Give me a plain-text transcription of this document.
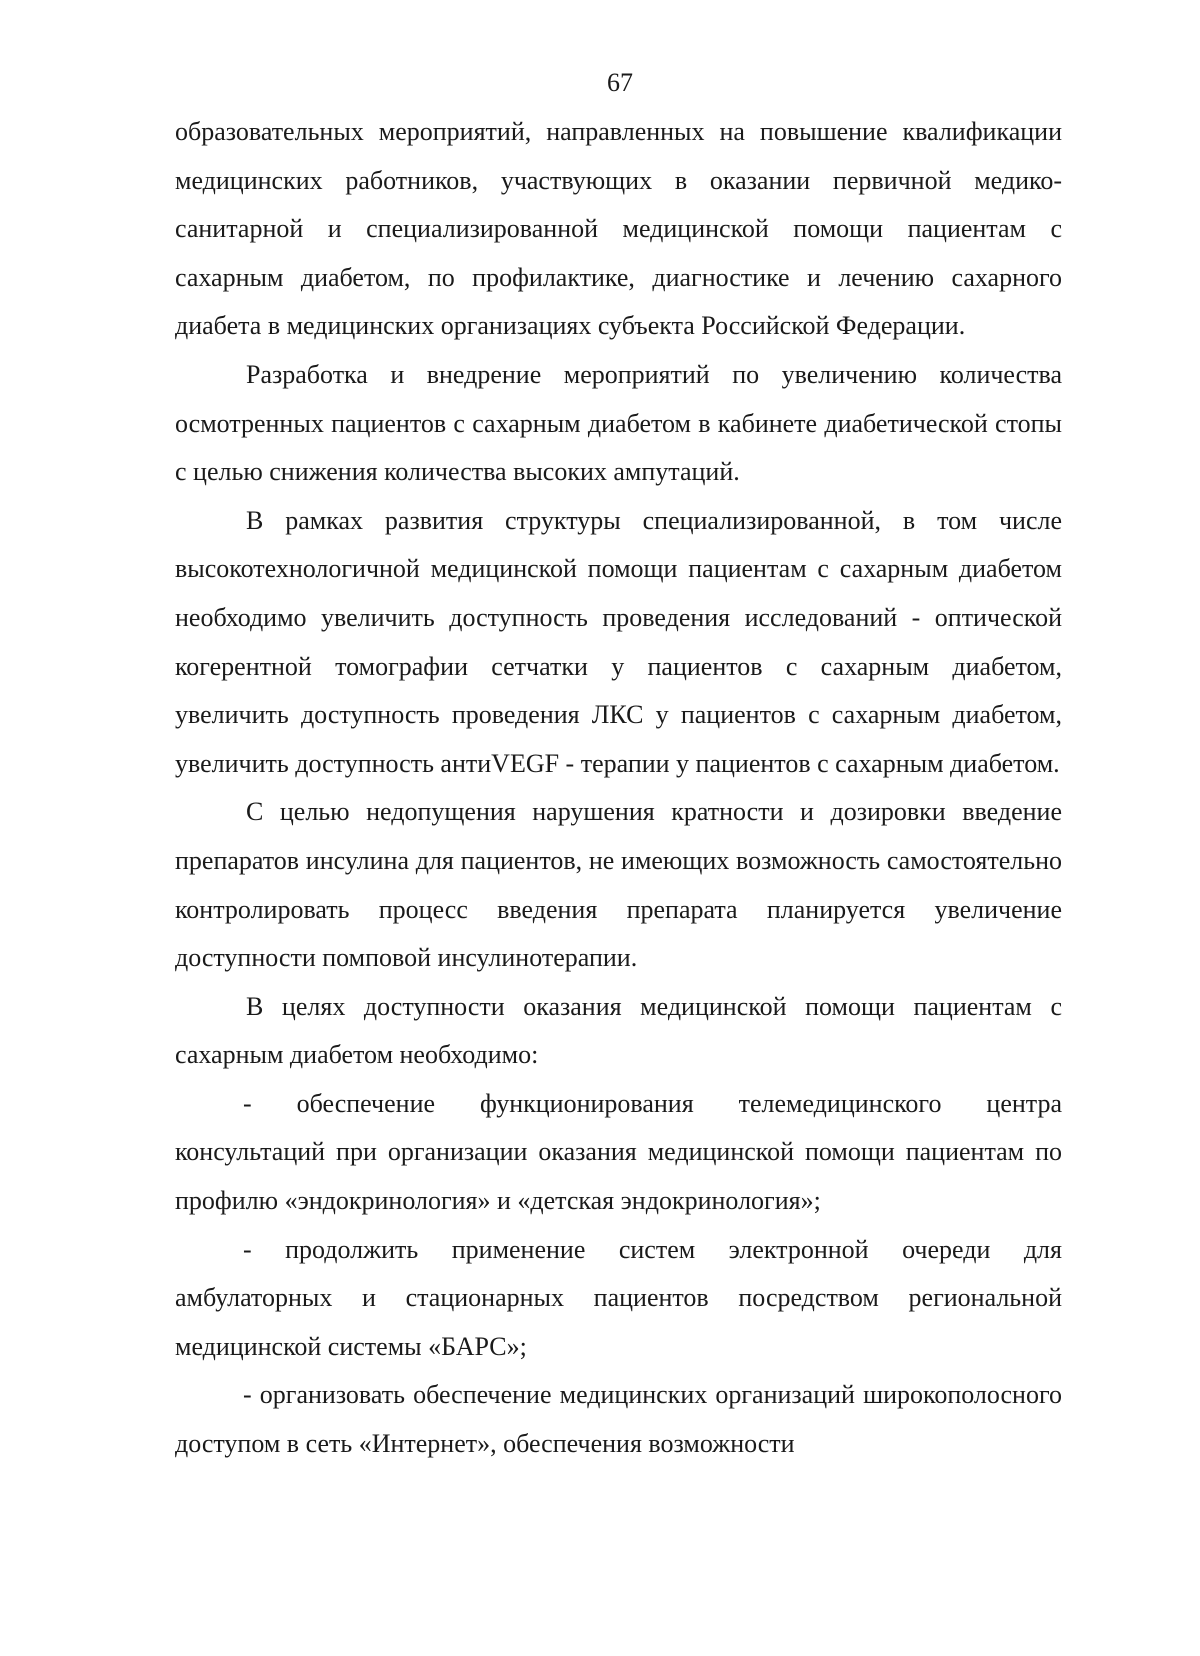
67

образовательных мероприятий, направленных на повышение квалификации медицинских работников, участвующих в оказании первичной медико-санитарной и специализированной медицинской помощи пациентам с сахарным диабетом, по профилактике, диагностике и лечению сахарного диабета в медицинских организациях субъекта Российской Федерации.

Разработка и внедрение мероприятий по увеличению количества осмотренных пациентов с сахарным диабетом в кабинете диабетической стопы с целью снижения количества высоких ампутаций.

В рамках развития структуры специализированной, в том числе высокотехнологичной медицинской помощи пациентам с сахарным диабетом необходимо увеличить доступность проведения исследований - оптической когерентной томографии сетчатки у пациентов с сахарным диабетом, увеличить доступность проведения ЛКС у пациентов с сахарным диабетом, увеличить доступность антиVEGF - терапии у пациентов с сахарным диабетом.

С целью недопущения нарушения кратности и дозировки введение препаратов инсулина для пациентов, не имеющих возможность самостоятельно контролировать процесс введения препарата планируется увеличение доступности помповой инсулинотерапии.

В целях доступности оказания медицинской помощи пациентам с сахарным диабетом необходимо:

- обеспечение функционирования телемедицинского центра консультаций при организации оказания медицинской помощи пациентам по профилю «эндокринология» и «детская эндокринология»;

- продолжить применение систем электронной очереди для амбулаторных и стационарных пациентов посредством региональной медицинской системы «БАРС»;

- организовать обеспечение медицинских организаций широкополосного доступом в сеть «Интернет», обеспечения возможности
